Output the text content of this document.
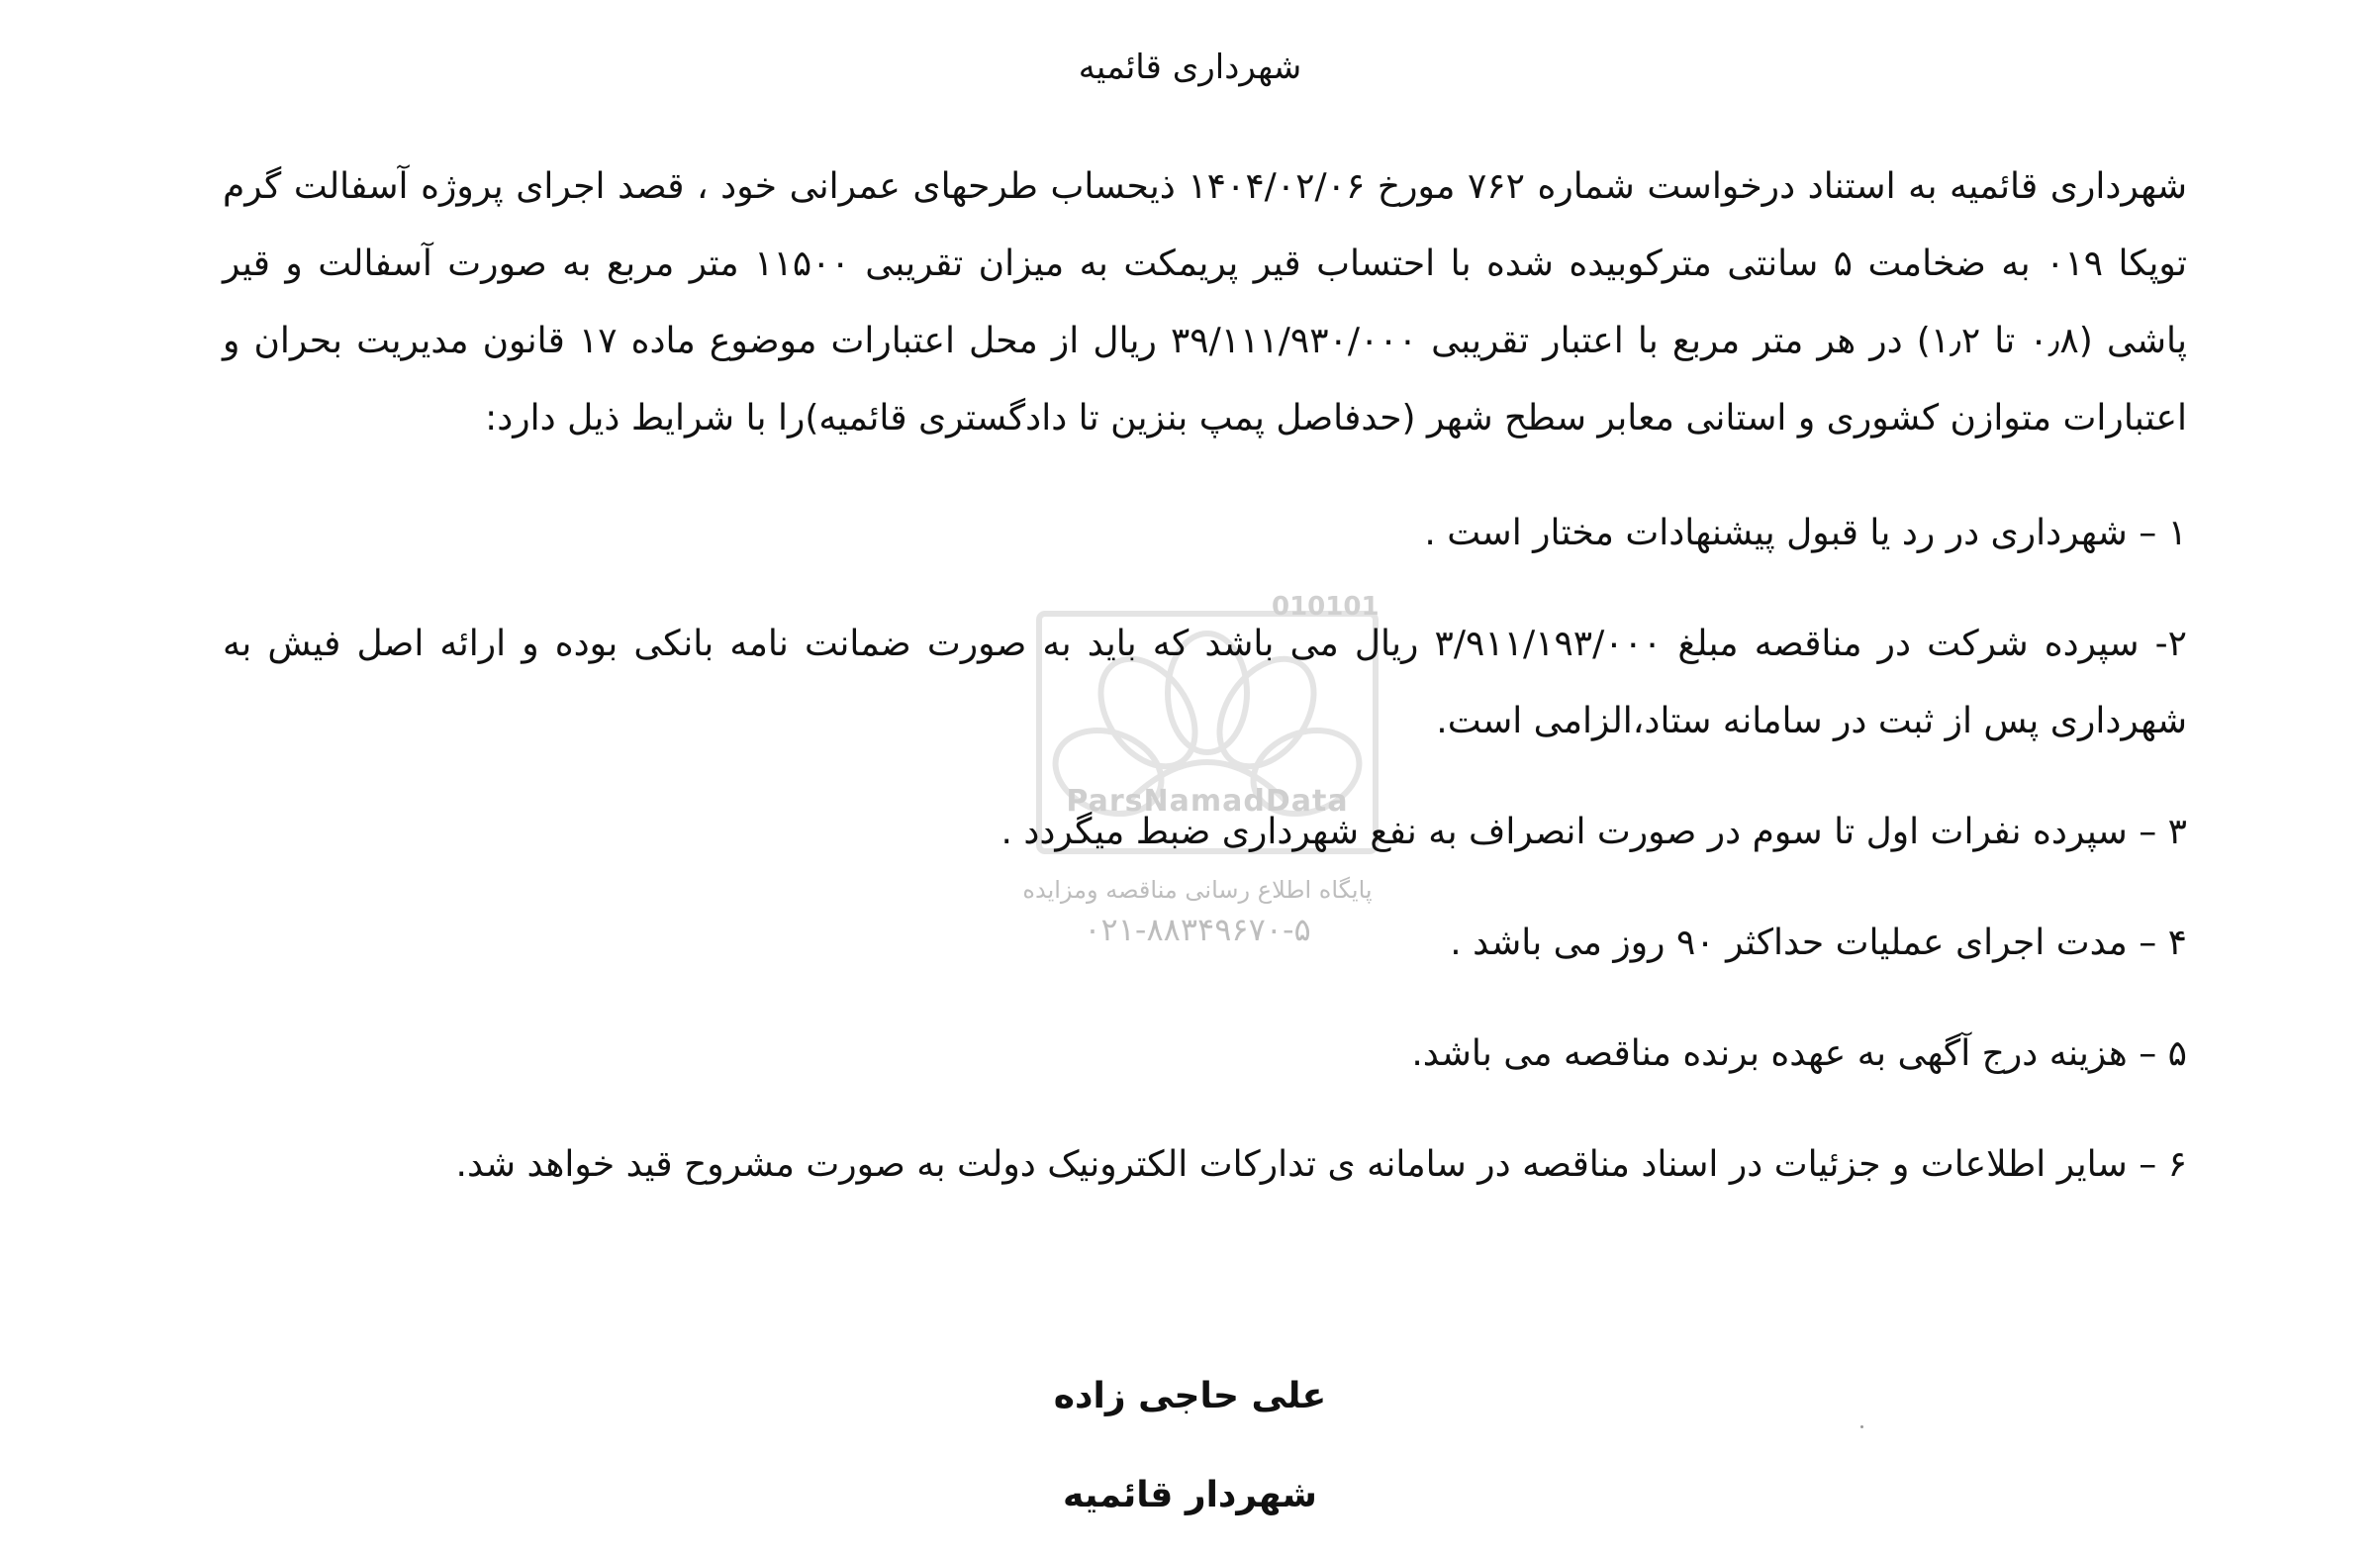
شهرداری قائمیه
010101
ParsNamadData
پایگاه اطلاع رسانی مناقصه ومزایده
۰۲۱-۸۸۳۴۹۶۷۰-۵

شهرداری قائمیه به استناد درخواست شماره ۷۶۲ مورخ ۱۴۰۴/۰۲/۰۶ ذیحساب طرحهای عمرانی خود ، قصد اجرای پروژه آسفالت گرم توپکا ۰۱۹ به ضخامت ۵ سانتی مترکوبیده شده با احتساب قیر پریمکت به میزان تقریبی ۱۱۵۰۰ متر مربع به صورت آسفالت و قیر پاشی (۰٫۸ تا ۱٫۲) در هر متر مربع با اعتبار تقریبی ۳۹/۱۱۱/۹۳۰/۰۰۰ ریال از محل اعتبارات موضوع ماده ۱۷ قانون مدیریت بحران و اعتبارات متوازن کشوری و استانی معابر سطح شهر (حدفاصل پمپ بنزین تا دادگستری قائمیه)را با شرایط ذیل دارد:

۱ – شهرداری در رد یا قبول پیشنهادات مختار است .

۲- سپرده شرکت در مناقصه مبلغ ۳/۹۱۱/۱۹۳/۰۰۰ ریال می باشد که باید به صورت ضمانت نامه بانکی بوده و ارائه اصل فیش به شهرداری پس از ثبت در سامانه ستاد،الزامی است.

۳ – سپرده نفرات اول تا سوم در صورت انصراف به نفع شهرداری ضبط میگردد .

۴ – مدت اجرای عملیات حداکثر ۹۰ روز می باشد .

۵ – هزینه درج آگهی به عهده برنده مناقصه می باشد.

۶ – سایر اطلاعات و جزئیات در اسناد مناقصه در سامانه ی تدارکات الکترونیک دولت به صورت مشروح قید خواهد شد.

علی حاجی زاده
شهردار قائمیه
